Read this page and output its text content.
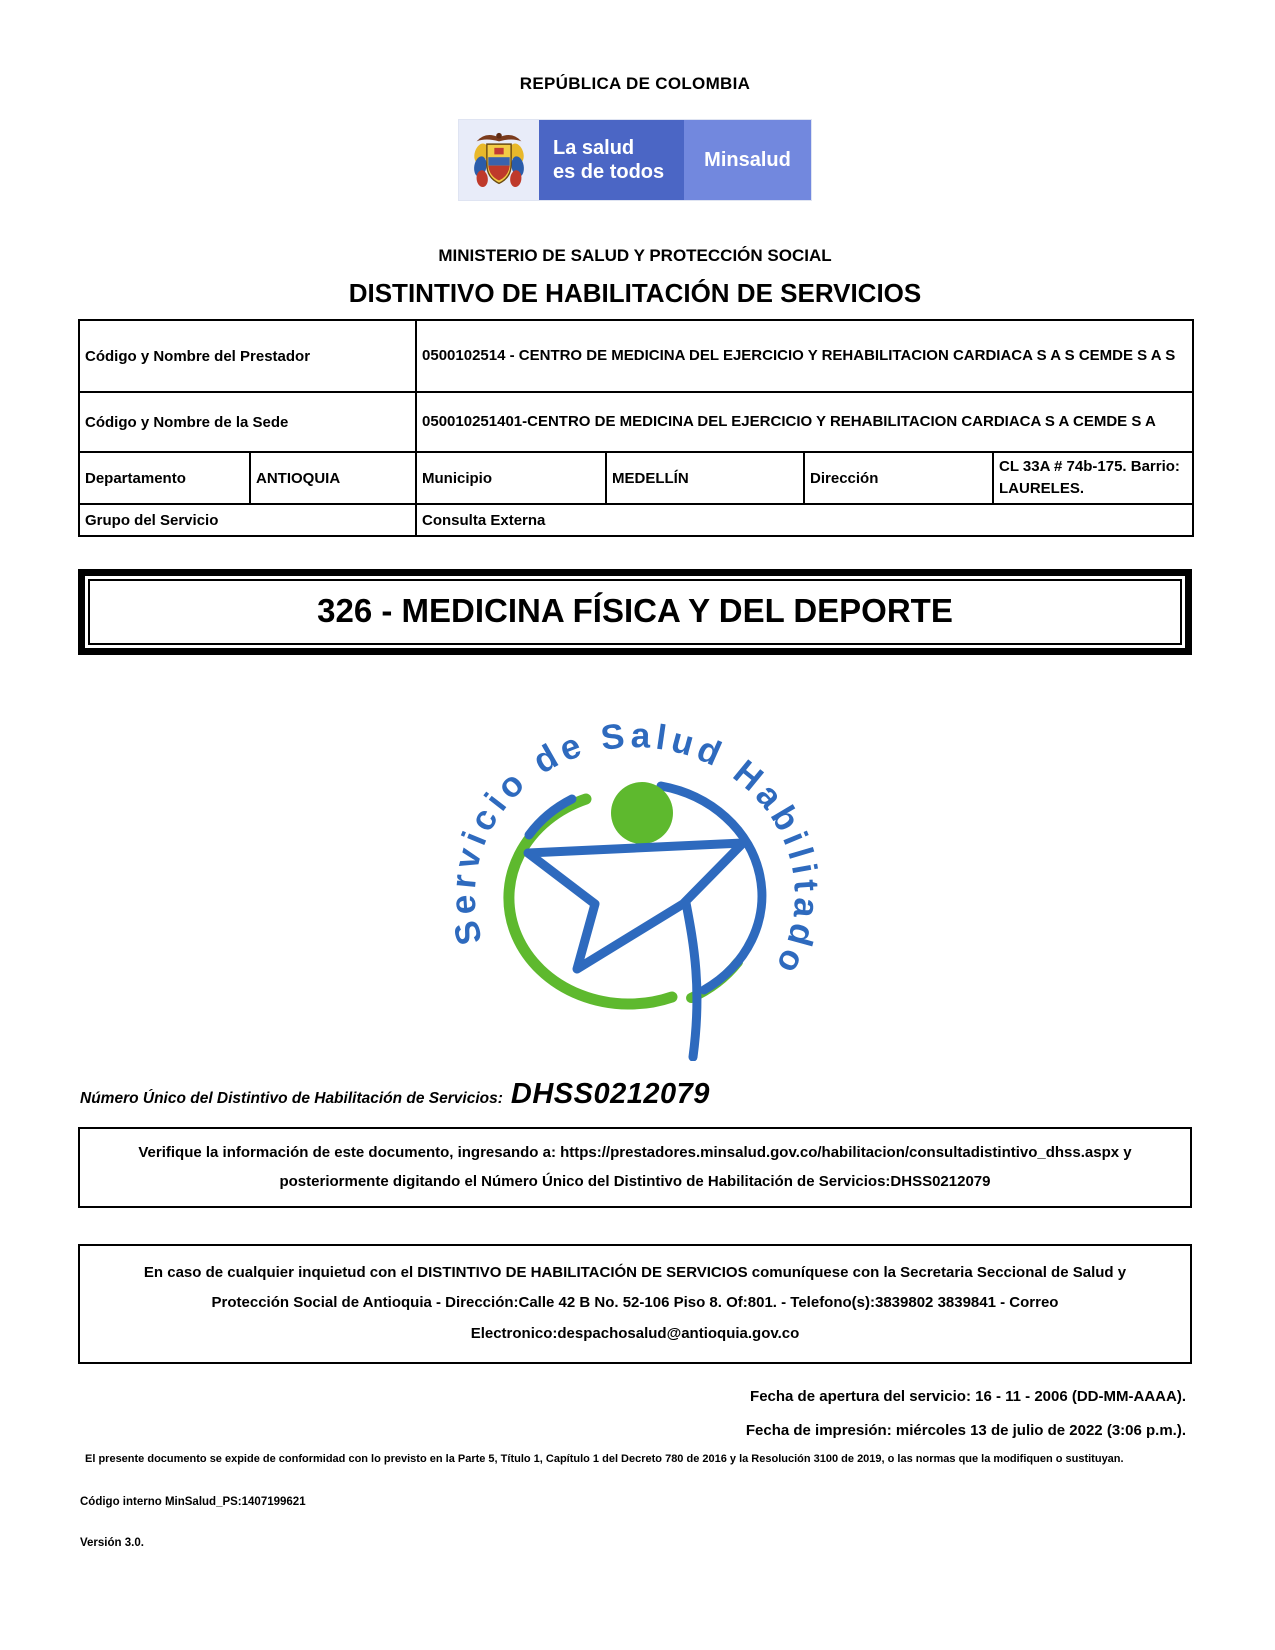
REPÚBLICA DE COLOMBIA
La salud
es de todos
Minsalud
MINISTERIO DE SALUD Y PROTECCIÓN SOCIAL
DISTINTIVO DE HABILITACIÓN DE SERVICIOS
Código y Nombre del Prestador		0500102514 - CENTRO DE MEDICINA DEL EJERCICIO Y REHABILITACION CARDIACA S A S CEMDE S A S			
Código y Nombre de la Sede		050010251401-CENTRO DE MEDICINA DEL EJERCICIO Y REHABILITACION CARDIACA S A CEMDE S A			
Departamento	ANTIOQUIA	Municipio	MEDELLÍN	Dirección	CL 33A # 74b-175. Barrio: LAURELES.
Grupo del Servicio		Consulta Externa			
326 - MEDICINA FÍSICA Y DEL DEPORTE
Servicio de Salud Habilitado
Número Único del Distintivo de Habilitación de Servicios: DHSS0212079
Verifique la información de este documento, ingresando a: https://prestadores.minsalud.gov.co/habilitacion/consultadistintivo_dhss.aspx y posteriormente digitando el Número Único del Distintivo de Habilitación de Servicios:DHSS0212079
En caso de cualquier inquietud con el DISTINTIVO DE HABILITACIÓN DE SERVICIOS comuníquese con la Secretaria Seccional de Salud y Protección Social de Antioquia - Dirección:Calle 42 B No. 52-106 Piso 8. Of:801. - Telefono(s):3839802 3839841 - Correo Electronico:despachosalud@antioquia.gov.co
Fecha de apertura del servicio: 16 - 11 - 2006 (DD-MM-AAAA).
Fecha de impresión: miércoles 13 de julio de 2022 (3:06 p.m.).
El presente documento se expide de conformidad con lo previsto en la Parte 5, Título 1, Capítulo 1 del Decreto 780 de 2016 y la Resolución 3100 de 2019, o las normas que la modifiquen o sustituyan.
Código interno MinSalud_PS:1407199621
Versión 3.0.
